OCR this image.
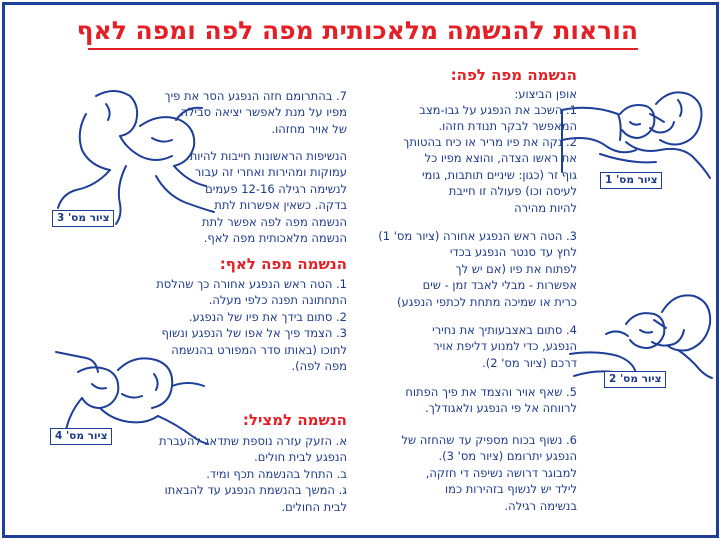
הוראות להנשמה מלאכותית מפה לפה ומפה לאף
הנשמה מפה לפה:
אופן הביצוע:
1. השכב את הנפגע על גבו-מצב
המאפשר לבקר תנודת חזהו.
2. נקה את פיו מריר או כיח בהטותך
את ראשו הצדה, והוצא מפיו כל
גוף זר (כגון: שיניים תותבות, גומי
לעיסה וכו) פעולה זו חייבת
להיות מהירה
3. הטה ראש הנפגע אחורה (ציור מס' 1)
לחץ עד סנטר הנפגע בכדי
לפתוח את פיו (אם יש לך
אפשרות - מבלי לאבד זמן - שים
כרית או שמיכה מתחת לכתפי הנפגע)
4. סתום באצבעותיך את נחירי
הנפגע, כדי למנוע דליפת אויר
דרכם (ציור מס' 2).
5. שאף אויר והצמד את פיך הפתוח
לרווחה אל פי הנפגע ולאגודלך.
6. נשוף בכוח מספיק עד שהחזה של
הנפגע יתרומם (ציור מס' 3).
למבוגר דרושה נשיפה די חזקה,
לילד יש לנשוף בזהירות כמו
בנשימה רגילה.
7. בהתרומם חזה הנפגע הסר את פיך
מפיו על מנת לאפשר יציאה סבילה
של אויר מחזהו.
הנשיפות הראשונות חייבות להיות
עמוקות ומהירות ואחרי זה עבור
לנשימה רגילה 12-16 פעמים
בדקה. כשאין אפשרות לתת
הנשמה מפה לפה אפשר לתת
הנשמה מלאכותית מפה לאף.
הנשמה מפה לאף:
1. הטה ראש הנפגע אחורה כך שהלסת
התחתונה תפנה כלפי מעלה.
2. סתום בידך את פיו של הנפגע.
3. הצמד פיך אל אפו של הנפגע ונשוף
לתוכו (באותו סדר המפורט בהנשמה
מפה לפה).
הנשמה למציל:
א. הזעק עזרה נוספת שתדאג להעברת
הנפגע לבית חולים.
ב. התחל בהנשמה תכף ומיד.
ג. המשך בהנשמת הנפגע עד להבאתו
לבית החולים.
ציור מס' 1
ציור מס' 2
ציור מס' 3
ציור מס' 4
